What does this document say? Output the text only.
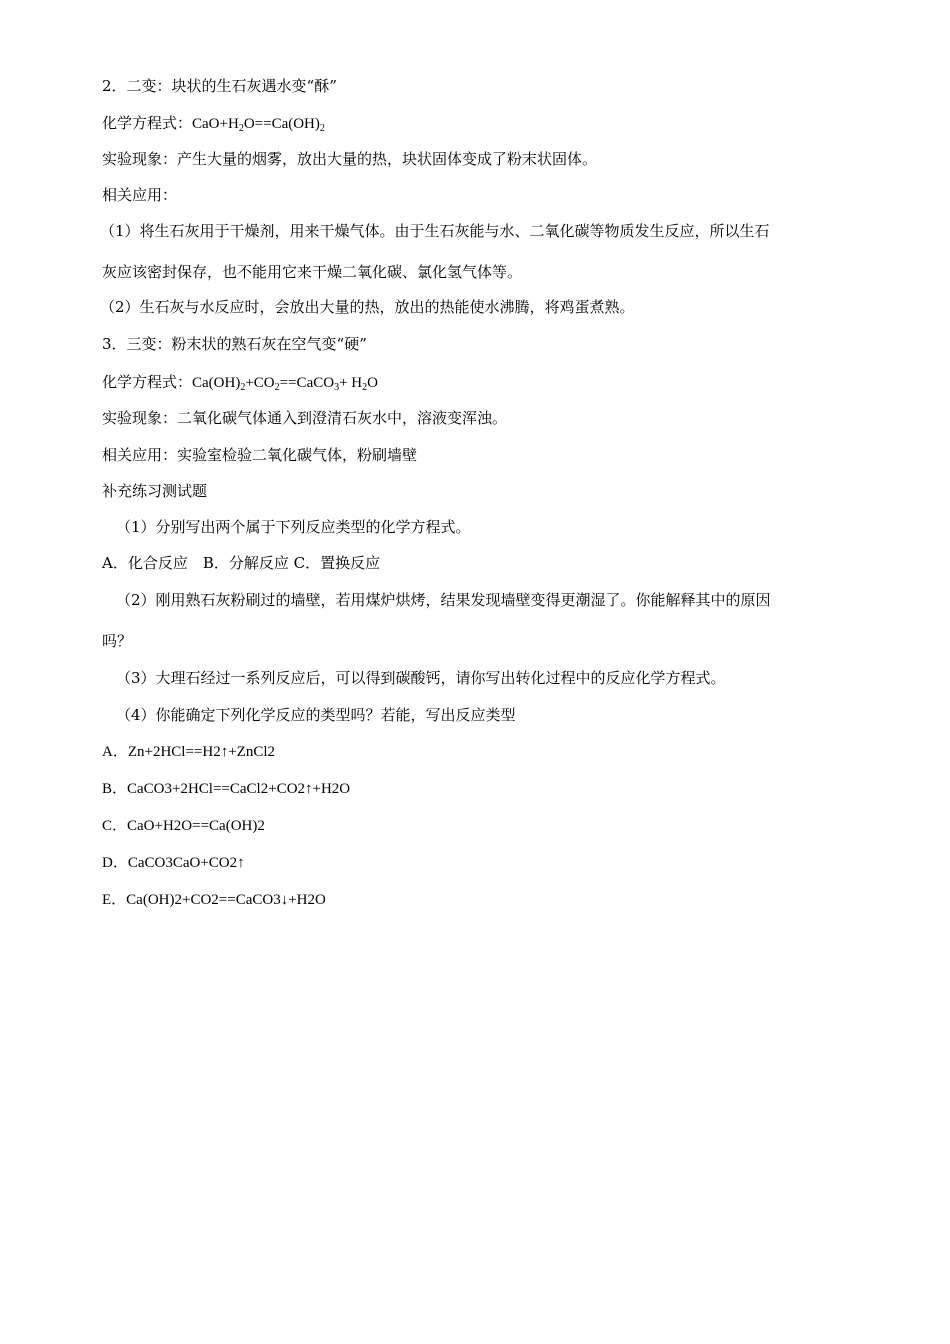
2．二变：块状的生石灰遇水变“酥”
化学方程式：$CaO+H_2O==Ca(OH)_2$
实验现象：产生大量的烟雾，放出大量的热，块状固体变成了粉末状固体。
相关应用：
（1）将生石灰用于干燥剂，用来干燥气体。由于生石灰能与水、二氧化碳等物质发生反应，所以生石
灰应该密封保存，也不能用它来干燥二氧化碳、氯化氢气体等。
（2）生石灰与水反应时，会放出大量的热，放出的热能使水沸腾，将鸡蛋煮熟。
3．三变：粉末状的熟石灰在空气变“硬”
化学方程式：$Ca(OH)_2+CO_2==CaCO_3+ H_2O$
实验现象：二氧化碳气体通入到澄清石灰水中，溶液变浑浊。
相关应用：实验室检验二氧化碳气体，粉刷墙壁
补充练习测试题
（1）分别写出两个属于下列反应类型的化学方程式。
A．化合反应　B．分解反应 C．置换反应
（2）刚用熟石灰粉刷过的墙壁，若用煤炉烘烤，结果发现墙壁变得更潮湿了。你能解释其中的原因
吗？
（3）大理石经过一系列反应后，可以得到碳酸钙，请你写出转化过程中的反应化学方程式。
（4）你能确定下列化学反应的类型吗？若能，写出反应类型
A．Zn+2HCl==H2↑+ZnCl2
B．CaCO3+2HCl==CaCl2+CO2↑+H2O
C．CaO+H2O==Ca(OH)2
D．CaCO3CaO+CO2↑
E．Ca(OH)2+CO2==CaCO3↓+H2O
